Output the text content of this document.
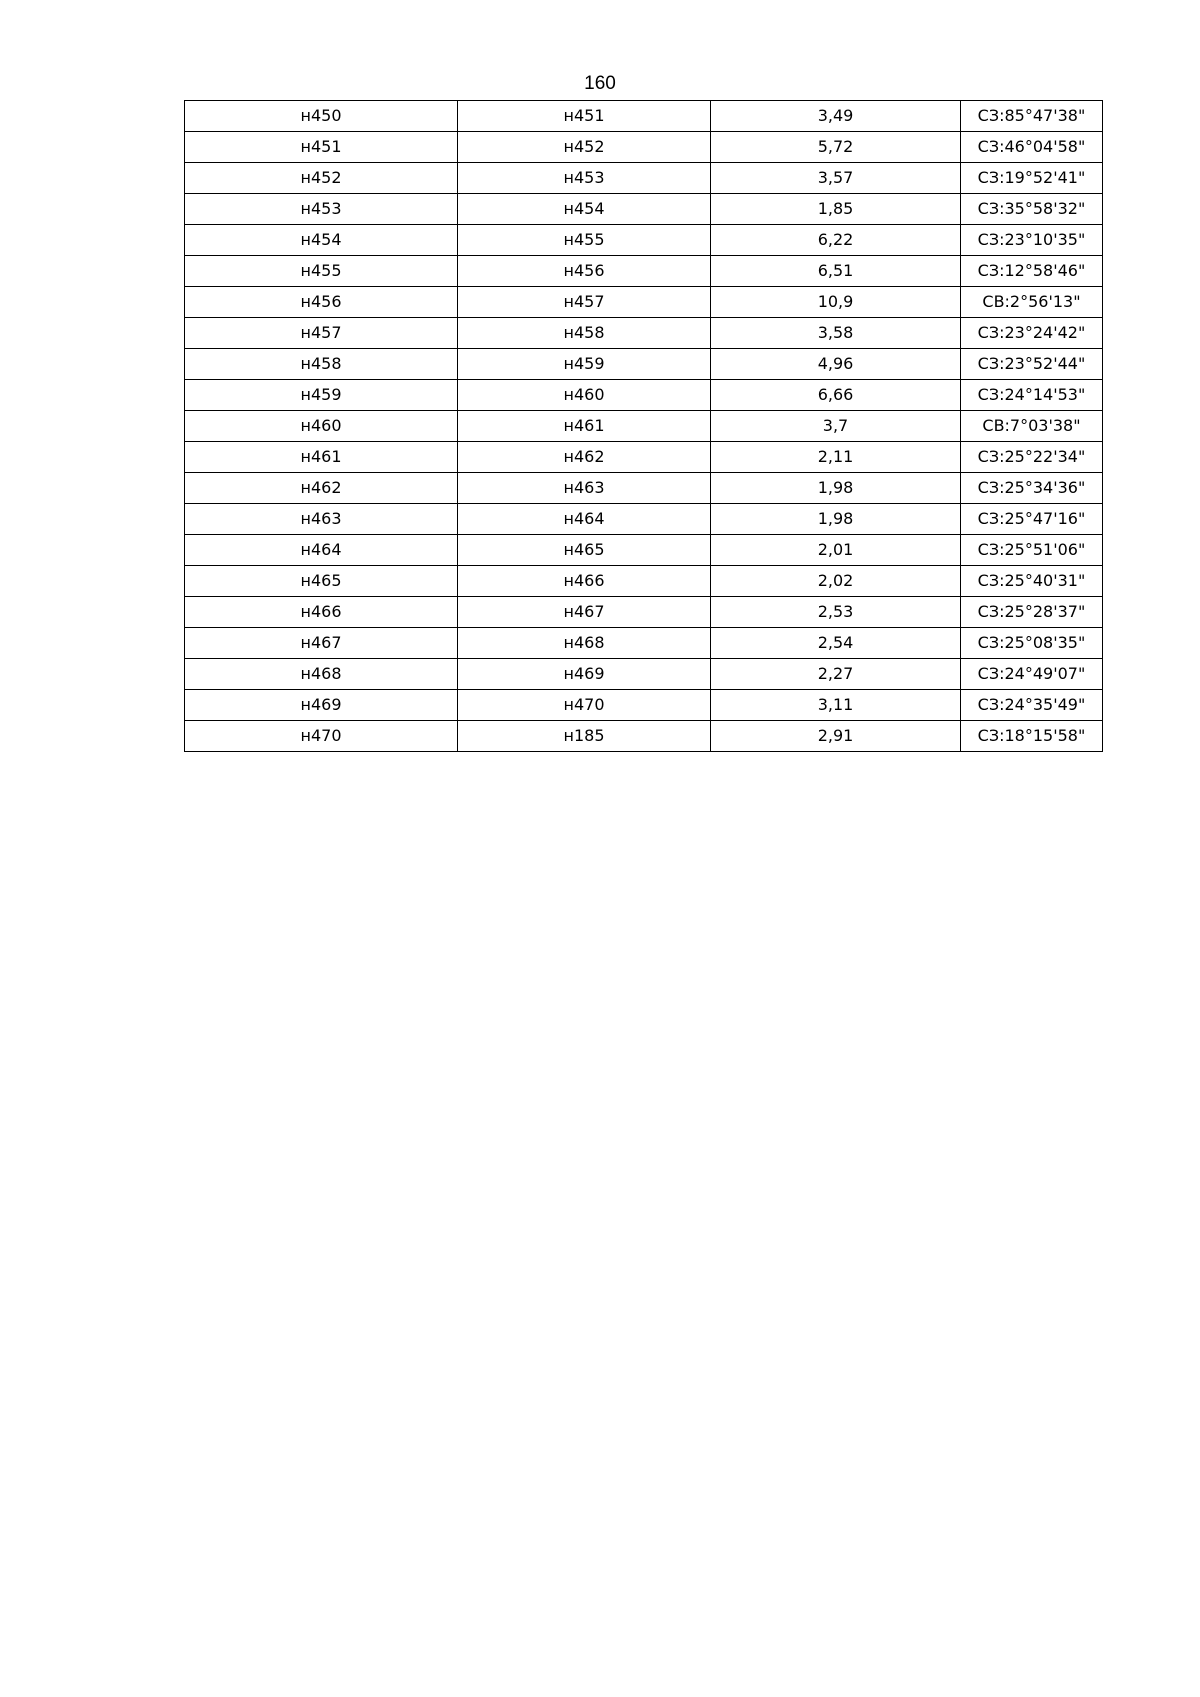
160
н450	н451	3,49	СЗ:85°47'38"
н451	н452	5,72	СЗ:46°04'58"
н452	н453	3,57	СЗ:19°52'41"
н453	н454	1,85	СЗ:35°58'32"
н454	н455	6,22	СЗ:23°10'35"
н455	н456	6,51	СЗ:12°58'46"
н456	н457	10,9	СВ:2°56'13"
н457	н458	3,58	СЗ:23°24'42"
н458	н459	4,96	СЗ:23°52'44"
н459	н460	6,66	СЗ:24°14'53"
н460	н461	3,7	СВ:7°03'38"
н461	н462	2,11	СЗ:25°22'34"
н462	н463	1,98	СЗ:25°34'36"
н463	н464	1,98	СЗ:25°47'16"
н464	н465	2,01	СЗ:25°51'06"
н465	н466	2,02	СЗ:25°40'31"
н466	н467	2,53	СЗ:25°28'37"
н467	н468	2,54	СЗ:25°08'35"
н468	н469	2,27	СЗ:24°49'07"
н469	н470	3,11	СЗ:24°35'49"
н470	н185	2,91	СЗ:18°15'58"
